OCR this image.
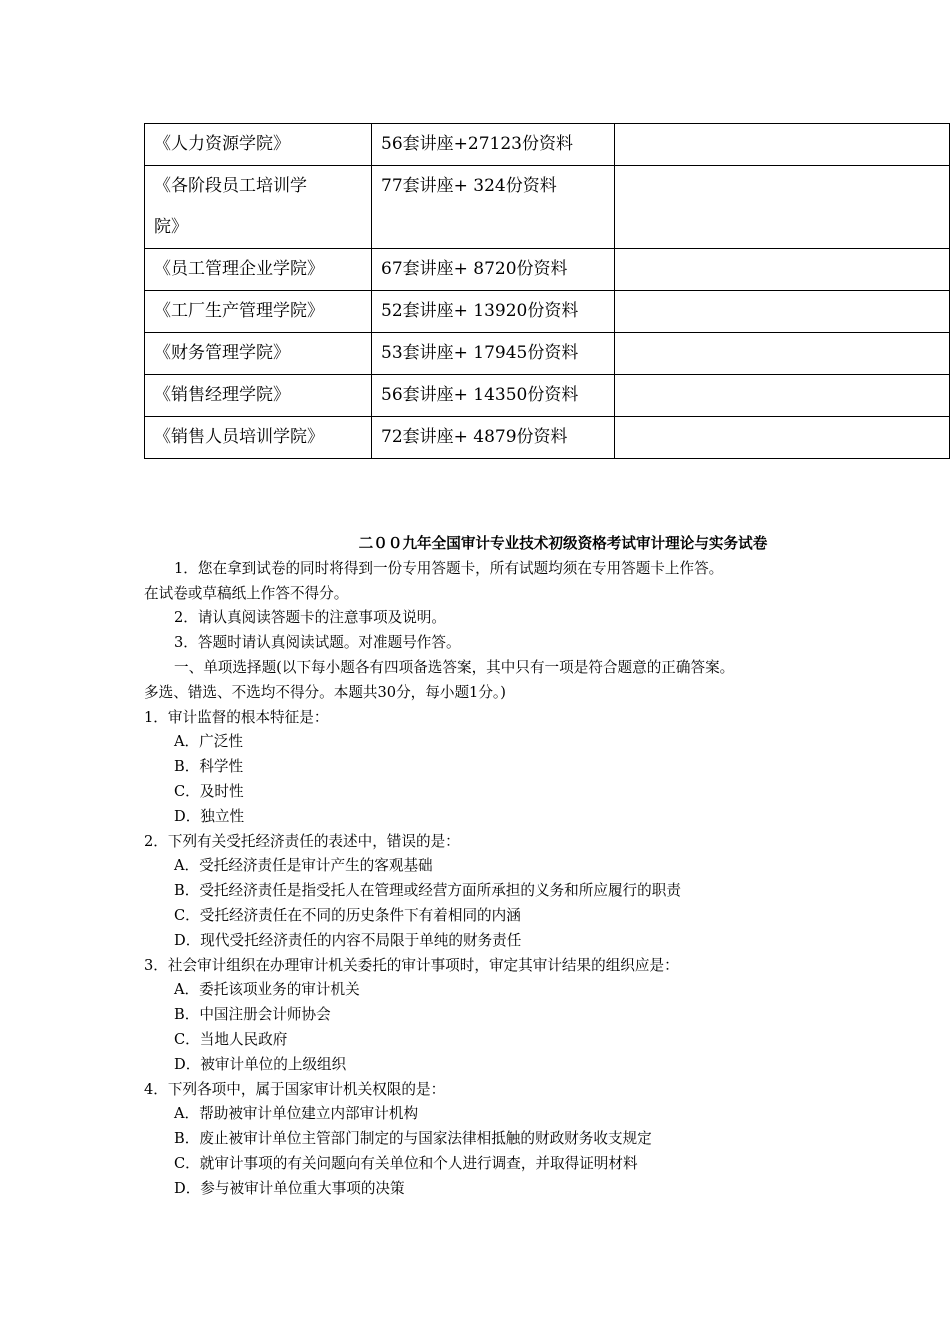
《人力资源学院》	56套讲座+27123份资料	
《各阶段员工培训学院》	77套讲座+ 324份资料	
《员工管理企业学院》	67套讲座+ 8720份资料	
《工厂生产管理学院》	52套讲座+ 13920份资料	
《财务管理学院》	53套讲座+ 17945份资料	
《销售经理学院》	56套讲座+ 14350份资料	
《销售人员培训学院》	72套讲座+ 4879份资料	
二００九年全国审计专业技术初级资格考试审计理论与实务试卷
1．您在拿到试卷的同时将得到一份专用答题卡，所有试题均须在专用答题卡上作答。
在试卷或草稿纸上作答不得分。
2．请认真阅读答题卡的注意事项及说明。
3．答题时请认真阅读试题。对准题号作答。
一、单项选择题(以下每小题各有四项备选答案，其中只有一项是符合题意的正确答案。
多选、错选、不选均不得分。本题共30分，每小题1分。)
1．审计监督的根本特征是：
A．广泛性
B．科学性
C．及时性
D．独立性
2．下列有关受托经济责任的表述中，错误的是：
A．受托经济责任是审计产生的客观基础
B．受托经济责任是指受托人在管理或经营方面所承担的义务和所应履行的职责
C．受托经济责任在不同的历史条件下有着相同的内涵
D．现代受托经济责任的内容不局限于单纯的财务责任
3．社会审计组织在办理审计机关委托的审计事项时，审定其审计结果的组织应是：
A．委托该项业务的审计机关
B．中国注册会计师协会
C．当地人民政府
D．被审计单位的上级组织
4．下列各项中，属于国家审计机关权限的是：
A．帮助被审计单位建立内部审计机构
B．废止被审计单位主管部门制定的与国家法律相抵触的财政财务收支规定
C．就审计事项的有关问题向有关单位和个人进行调查，并取得证明材料
D．参与被审计单位重大事项的决策
